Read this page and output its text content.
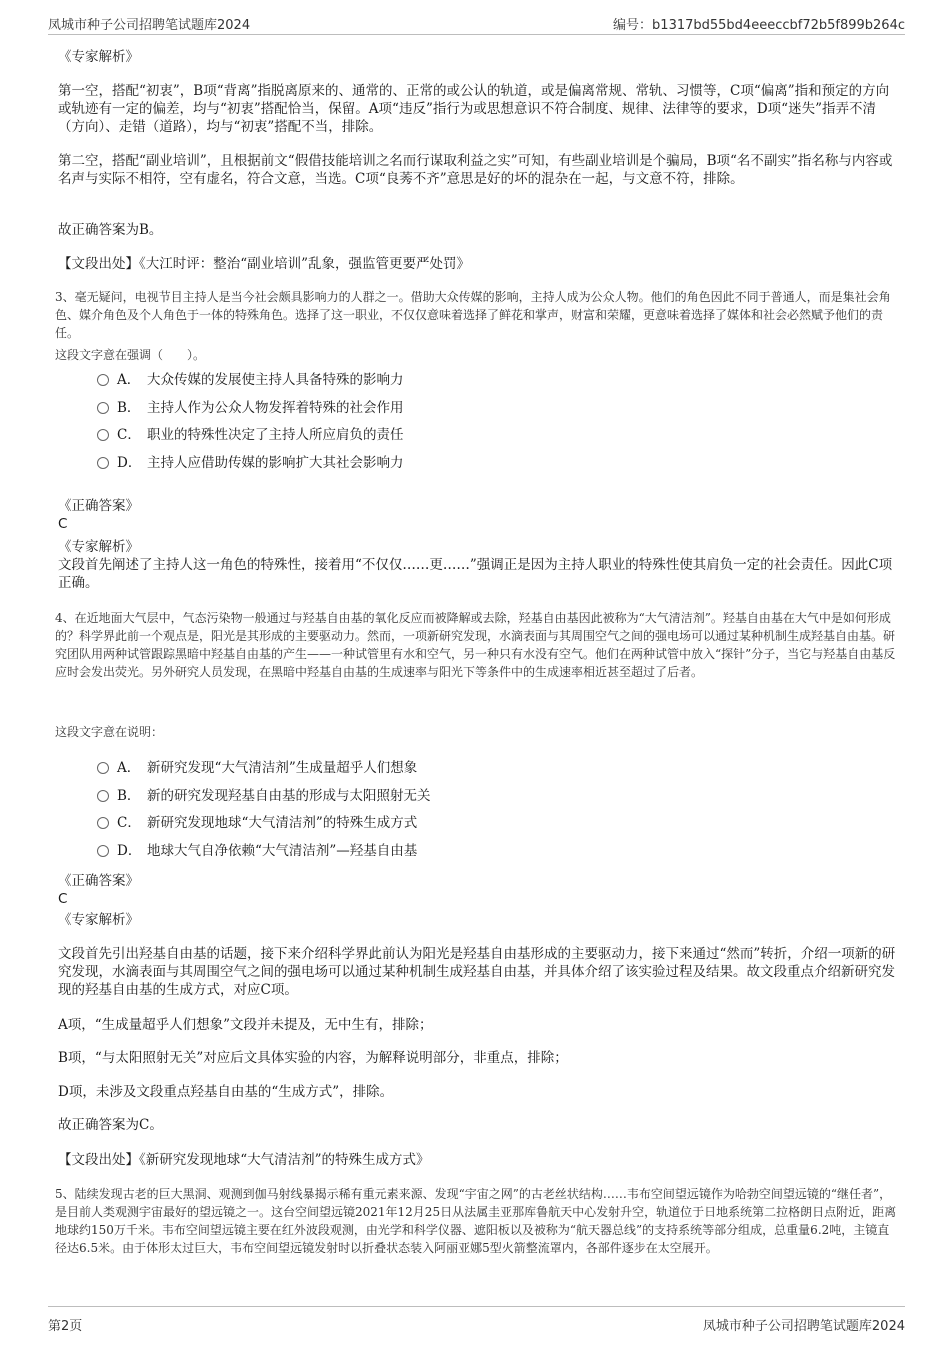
凤城市种子公司招聘笔试题库2024	编号：b1317bd55bd4eeeccbf72b5f899b264c
《专家解析》
第一空，搭配“初衷”，B项“背离”指脱离原来的、通常的、正常的或公认的轨道，或是偏离常规、常轨、习惯等，C项“偏离”指和预定的方向或轨迹有一定的偏差，均与“初衷”搭配恰当，保留。A项“违反”指行为或思想意识不符合制度、规律、法律等的要求，D项“迷失”指弄不清（方向）、走错（道路），均与“初衷”搭配不当，排除。
第二空，搭配“副业培训”，且根据前文“假借技能培训之名而行谋取利益之实”可知，有些副业培训是个骗局，B项“名不副实”指名称与内容或名声与实际不相符，空有虚名，符合文意，当选。C项“良莠不齐”意思是好的坏的混杂在一起，与文意不符，排除。
故正确答案为B。
【文段出处】《大江时评：整治“副业培训”乱象，强监管更要严处罚》
3、毫无疑问，电视节目主持人是当今社会颇具影响力的人群之一。借助大众传媒的影响，主持人成为公众人物。他们的角色因此不同于普通人，而是集社会角色、媒介角色及个人角色于一体的特殊角色。选择了这一职业，不仅仅意味着选择了鲜花和掌声，财富和荣耀，更意味着选择了媒体和社会必然赋予他们的责任。
这段文字意在强调（　　）。
A． 大众传媒的发展使主持人具备特殊的影响力
B． 主持人作为公众人物发挥着特殊的社会作用
C． 职业的特殊性决定了主持人所应肩负的责任
D． 主持人应借助传媒的影响扩大其社会影响力
《正确答案》
C
《专家解析》
文段首先阐述了主持人这一角色的特殊性，接着用“不仅仅……更……”强调正是因为主持人职业的特殊性使其肩负一定的社会责任。因此C项正确。
4、在近地面大气层中，气态污染物一般通过与羟基自由基的氧化反应而被降解或去除，羟基自由基因此被称为“大气清洁剂”。羟基自由基在大气中是如何形成的？科学界此前一个观点是，阳光是其形成的主要驱动力。然而，一项新研究发现，水滴表面与其周围空气之间的强电场可以通过某种机制生成羟基自由基。研究团队用两种试管跟踪黑暗中羟基自由基的产生——一种试管里有水和空气，另一种只有水没有空气。他们在两种试管中放入“探针”分子，当它与羟基自由基反应时会发出荧光。另外研究人员发现，在黑暗中羟基自由基的生成速率与阳光下等条件中的生成速率相近甚至超过了后者。
这段文字意在说明：
A． 新研究发现“大气清洁剂”生成量超乎人们想象
B． 新的研究发现羟基自由基的形成与太阳照射无关
C． 新研究发现地球“大气清洁剂”的特殊生成方式
D． 地球大气自净依赖“大气清洁剂”—羟基自由基
《正确答案》
C
《专家解析》
文段首先引出羟基自由基的话题，接下来介绍科学界此前认为阳光是羟基自由基形成的主要驱动力，接下来通过“然而”转折，介绍一项新的研究发现，水滴表面与其周围空气之间的强电场可以通过某种机制生成羟基自由基，并具体介绍了该实验过程及结果。故文段重点介绍新研究发现的羟基自由基的生成方式，对应C项。
A项，“生成量超乎人们想象”文段并未提及，无中生有，排除；
B项，“与太阳照射无关”对应后文具体实验的内容，为解释说明部分，非重点，排除；
D项，未涉及文段重点羟基自由基的“生成方式”，排除。
故正确答案为C。
【文段出处】《新研究发现地球“大气清洁剂”的特殊生成方式》
5、陆续发现古老的巨大黑洞、观测到伽马射线暴揭示稀有重元素来源、发现“宇宙之网”的古老丝状结构……韦布空间望远镜作为哈勃空间望远镜的“继任者”，是目前人类观测宇宙最好的望远镜之一。这台空间望远镜2021年12月25日从法属圭亚那库鲁航天中心发射升空，轨道位于日地系统第二拉格朗日点附近，距离地球约150万千米。韦布空间望远镜主要在红外波段观测，由光学和科学仪器、遮阳板以及被称为“航天器总线”的支持系统等部分组成，总重量6.2吨，主镜直径达6.5米。由于体形太过巨大，韦布空间望远镜发射时以折叠状态装入阿丽亚娜5型火箭整流罩内，各部件逐步在太空展开。
第2页	凤城市种子公司招聘笔试题库2024
